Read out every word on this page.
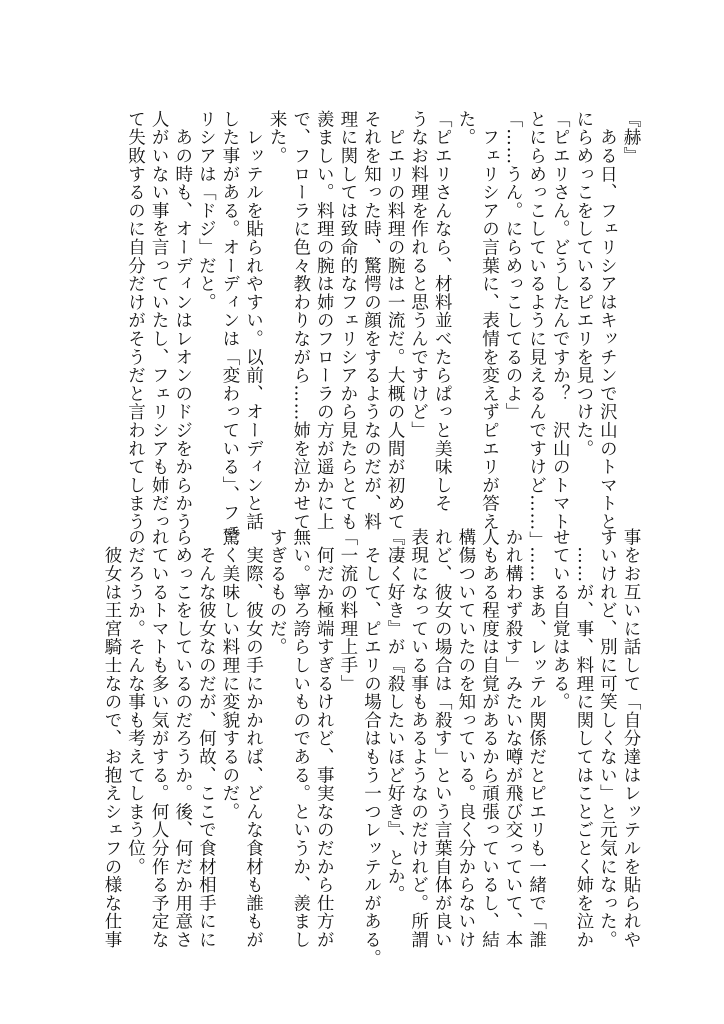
『赫』
　ある日、フェリシアはキッチンで沢山のトマトと
にらめっこをしているピエリを見つけた。
「ピエリさん。どうしたんですか？　沢山のトマト
とにらめっこしているように見えるんですけど……」
「……うん。にらめっこしてるのよ」
　フェリシアの言葉に、表情を変えずピエリが答え
た。
「ピエリさんなら、材料並べたらぱっと美味しそ
うなお料理を作れると思うんですけど」
　ピエリの料理の腕は一流だ。大概の人間が初めて
それを知った時、驚愕の顔をするようなのだが、料
理に関しては致命的なフェリシアから見たらとても
羨ましい。料理の腕は姉のフローラの方が遥かに上
で、フローラに色々教わりながら……姉を泣かせて
来た。
　レッテルを貼られやすい。以前、オーディンと話
した事がある。オーディンは「変わっている」、フェ
リシアは「ドジ」だと。
　あの時も、オーディンはレオンのドジをからかう
人がいない事を言っていたし、フェリシアも姉だっ
て失敗するのに自分だけがそうだと言われてしまう
事をお互いに話して「自分達はレッテルを貼られや
すいけれど、別に可笑しくない」と元気になった。
　……が、事、料理に関してはことごとく姉を泣か
せている自覚はある。
　……まあ、レッテル関係だとピエリも一緒で「誰
かれ構わず殺す」みたいな噂が飛び交っていて、本
人もある程度は自覚があるから頑張っているし、結
構傷ついていたのを知っている。良く分からないけ
れど、彼女の場合は「殺す」という言葉自体が良い
表現になっている事もあるようなのだけれど。所謂
『凄く好き』が『殺したいほど好き』、とか。
　そして、ピエリの場合はもう一つレッテルがある。
「一流の料理上手」
　何だか極端すぎるけれど、事実なのだから仕方が
無い。寧ろ誇らしいものである。というか、羨まし
すぎるものだ。
　実際、彼女の手にかかれば、どんな食材も誰もが
驚く美味しい料理に変貌するのだ。
　そんな彼女なのだが、何故、ここで食材相手にに
らめっこをしているのだろうか。後、何だか用意さ
れているトマトも多い気がする。何人分作る予定な
のだろうか。そんな事も考えてしまう位。
　彼女は王宮騎士なので、お抱えシェフの様な仕事
